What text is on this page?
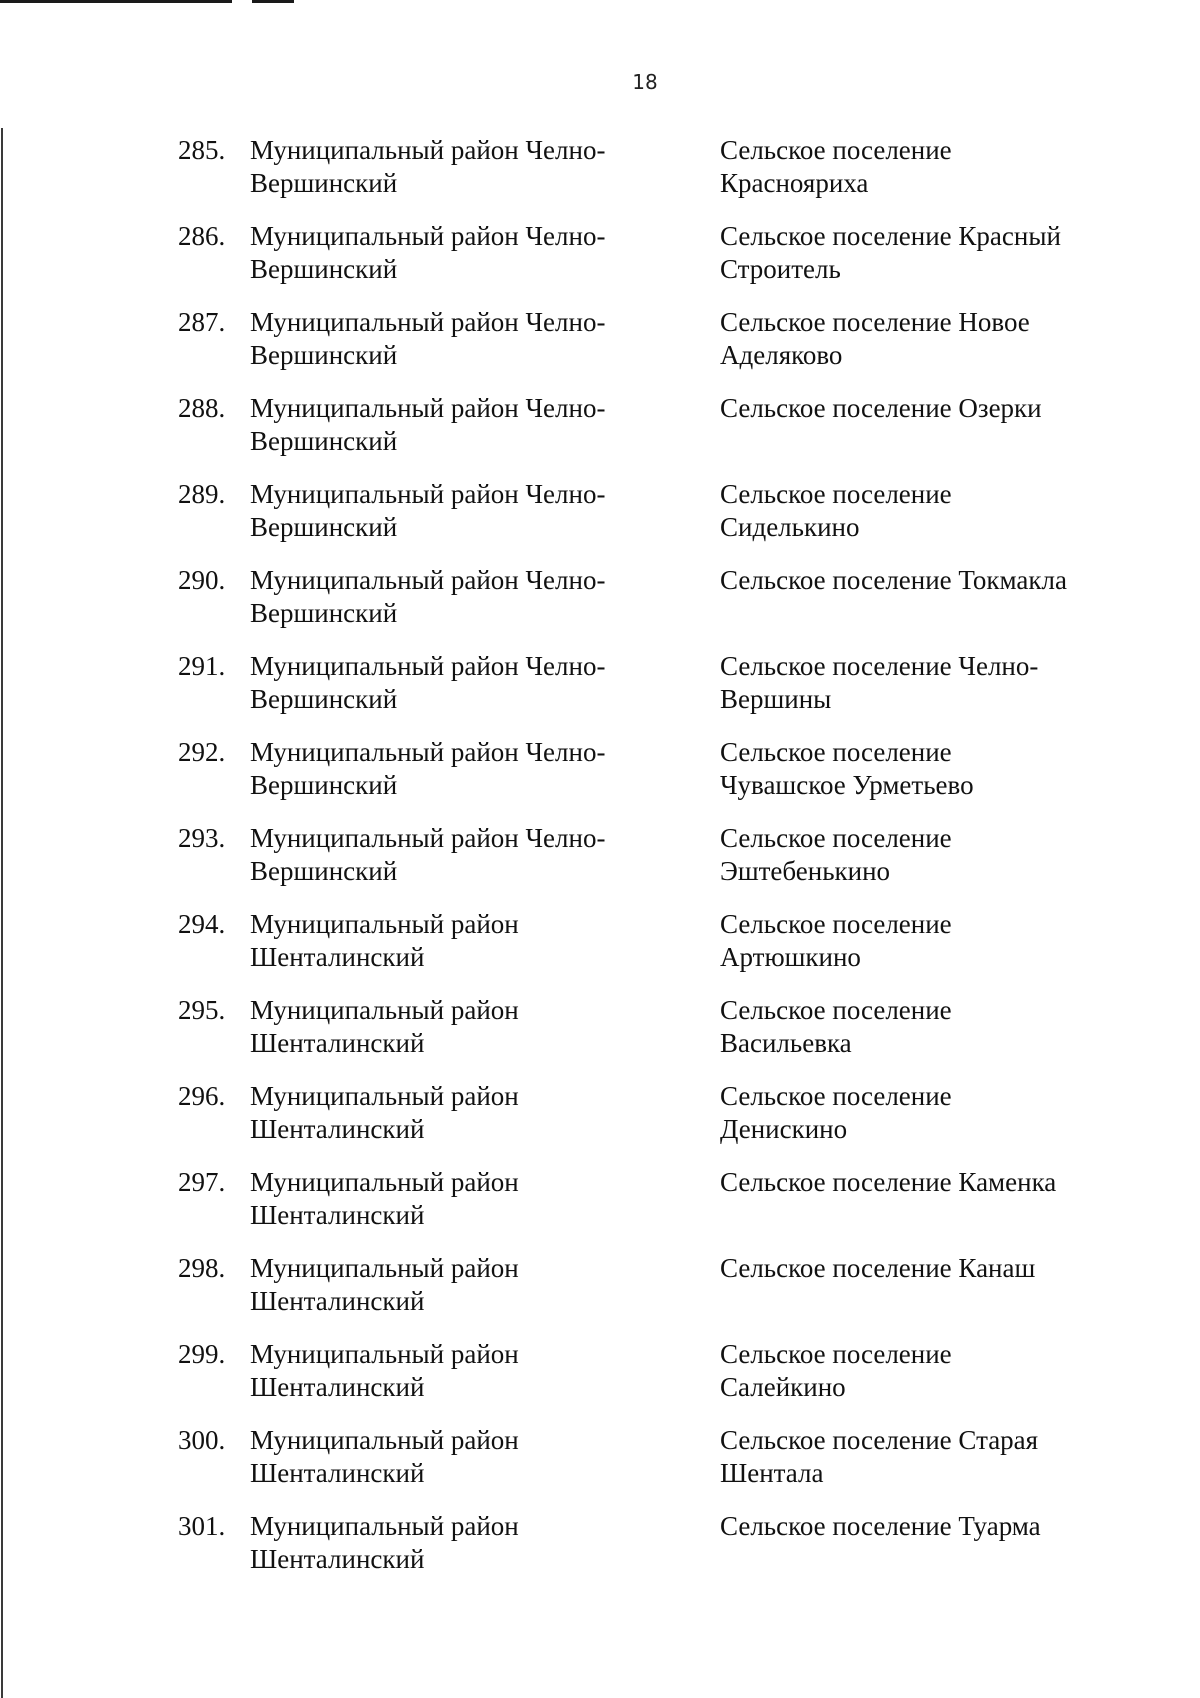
18
285. Муниципальный район Челно-Вершинский
Сельское поселение Краснояриха
286. Муниципальный район Челно-Вершинский
Сельское поселение Красный Строитель
287. Муниципальный район Челно-Вершинский
Сельское поселение Новое Аделяково
288. Муниципальный район Челно-Вершинский
Сельское поселение Озерки
289. Муниципальный район Челно-Вершинский
Сельское поселение Сиделькино
290. Муниципальный район Челно-Вершинский
Сельское поселение Токмакла
291. Муниципальный район Челно-Вершинский
Сельское поселение Челно-Вершины
292. Муниципальный район Челно-Вершинский
Сельское поселение Чувашское Урметьево
293. Муниципальный район Челно-Вершинский
Сельское поселение Эштебенькино
294. Муниципальный район Шенталинский
Сельское поселение Артюшкино
295. Муниципальный район Шенталинский
Сельское поселение Васильевка
296. Муниципальный район Шенталинский
Сельское поселение Денискино
297. Муниципальный район Шенталинский
Сельское поселение Каменка
298. Муниципальный район Шенталинский
Сельское поселение Канаш
299. Муниципальный район Шенталинский
Сельское поселение Салейкино
300. Муниципальный район Шенталинский
Сельское поселение Старая Шентала
301. Муниципальный район Шенталинский
Сельское поселение Туарма
